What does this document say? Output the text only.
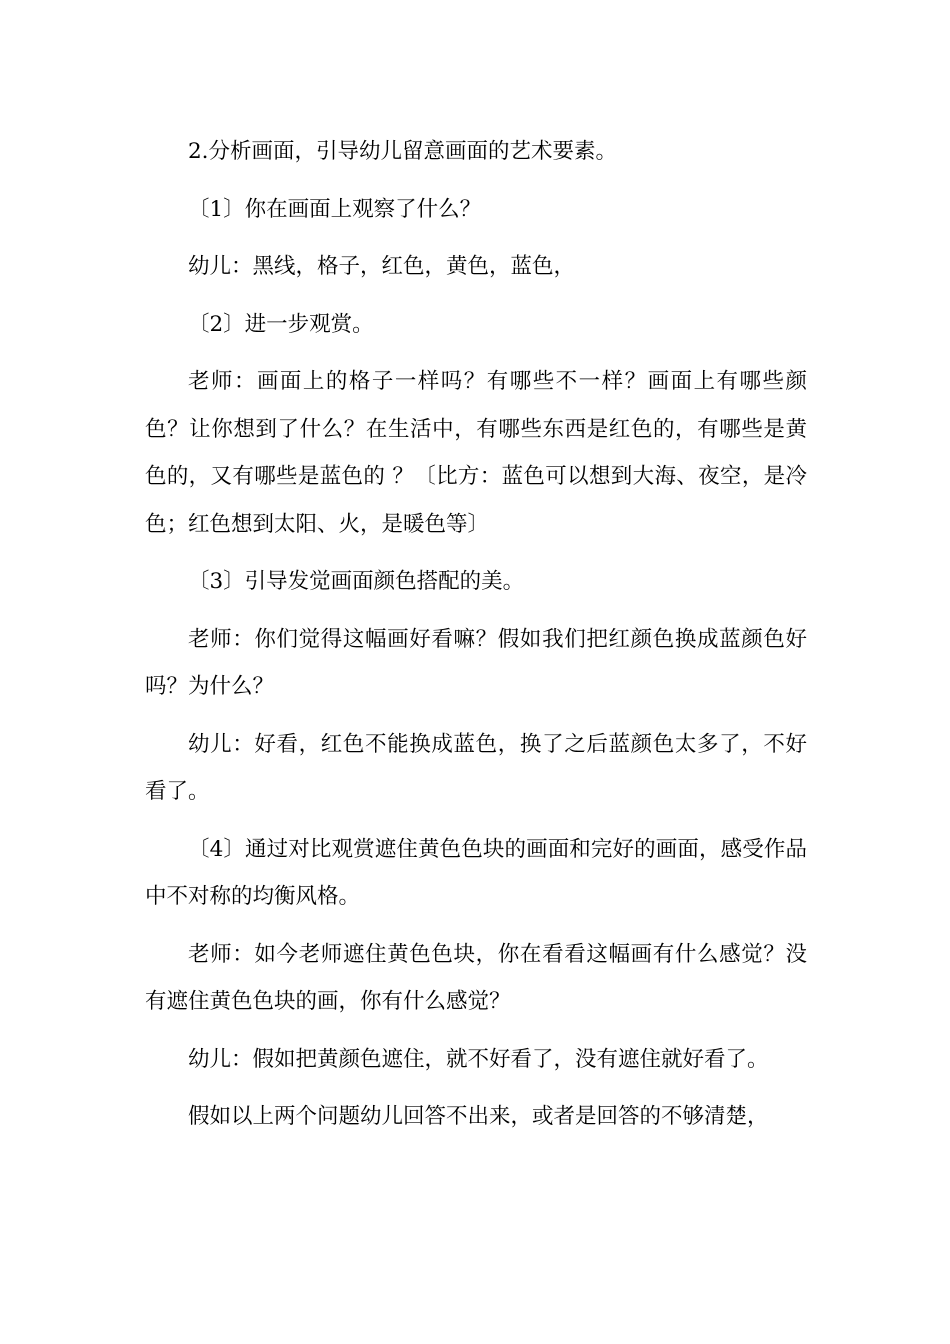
2.分析画面，引导幼儿留意画面的艺术要素。

〔1〕你在画面上观察了什么？

幼儿：黑线，格子，红色，黄色，蓝色，

〔2〕进一步观赏。

老师：画面上的格子一样吗？有哪些不一样？画面上有哪些颜色？让你想到了什么？在生活中，有哪些东西是红色的，有哪些是黄色的，又有哪些是蓝色的 ？〔比方：蓝色可以想到大海、夜空，是冷色；红色想到太阳、火，是暖色等〕

〔3〕引导发觉画面颜色搭配的美。

老师：你们觉得这幅画好看嘛？假如我们把红颜色换成蓝颜色好吗？为什么？

幼儿：好看，红色不能换成蓝色，换了之后蓝颜色太多了，不好看了。

〔4〕通过对比观赏遮住黄色色块的画面和完好的画面，感受作品中不对称的均衡风格。

老师：如今老师遮住黄色色块，你在看看这幅画有什么感觉？没有遮住黄色色块的画，你有什么感觉？

幼儿：假如把黄颜色遮住，就不好看了，没有遮住就好看了。

假如以上两个问题幼儿回答不出来，或者是回答的不够清楚，
